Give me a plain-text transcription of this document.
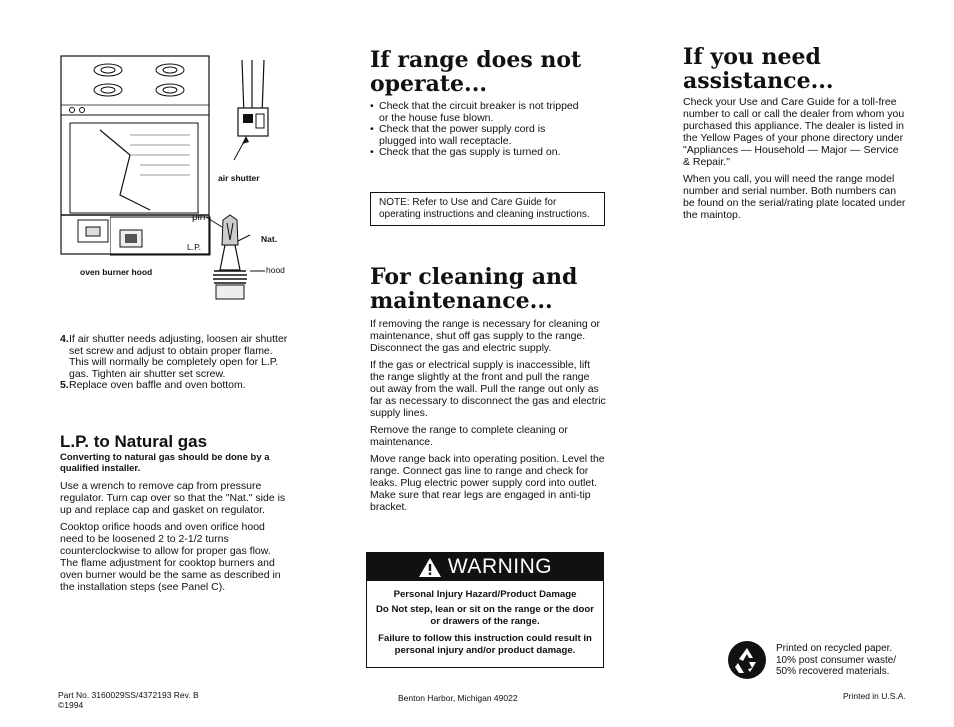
air shutter
pin
L.P.
Nat.
hood
oven burner hood
4. If air shutter needs adjusting, loosen air shutter set screw and adjust to obtain proper flame. This will normally be completely open for L.P. gas. Tighten air shutter set screw.
5. Replace oven baffle and oven bottom.
L.P. to Natural gas
Converting to natural gas should be done by a qualified installer.

Use a wrench to remove cap from pressure regulator. Turn cap over so that the "Nat." side is up and replace cap and gasket on regulator.

Cooktop orifice hoods and oven orifice hood need to be loosened 2 to 2-1/2 turns counterclockwise to allow for proper gas flow. The flame adjustment for cooktop burners and oven burner would be the same as described in the installation steps (see Panel C).

If range does not operate...
• Check that the circuit breaker is not tripped or the house fuse blown.
• Check that the power supply cord is plugged into wall receptacle.
• Check that the gas supply is turned on.
NOTE: Refer to Use and Care Guide for operating instructions and cleaning instructions.
For cleaning and maintenance...

If removing the range is necessary for cleaning or maintenance, shut off gas supply to the range. Disconnect the gas and electric supply.

If the gas or electrical supply is inaccessible, lift the range slightly at the front and pull the range out away from the wall. Pull the range out only as far as necessary to disconnect the gas and electric supply lines.

Remove the range to complete cleaning or maintenance.

Move range back into operating position. Level the range. Connect gas line to range and check for leaks. Plug electric power supply cord into outlet. Make sure that rear legs are engaged in anti-tip bracket.

WARNING
Personal Injury Hazard/Product Damage
Do Not step, lean or sit on the range or the door or drawers of the range.
Failure to follow this instruction could result in personal injury and/or product damage.
If you need assistance...

Check your Use and Care Guide for a toll-free number to call or call the dealer from whom you purchased this appliance. The dealer is listed in the Yellow Pages of your phone directory under "Appliances — Household — Major — Service & Repair."

When you call, you will need the range model number and serial number. Both numbers can be found on the serial/rating plate located under the maintop.

Printed on recycled paper.
10% post consumer waste/
50% recovered materials.
Part No. 3160029SS/4372193 Rev. B
©1994
Benton Harbor, Michigan 49022	Printed in U.S.A.
